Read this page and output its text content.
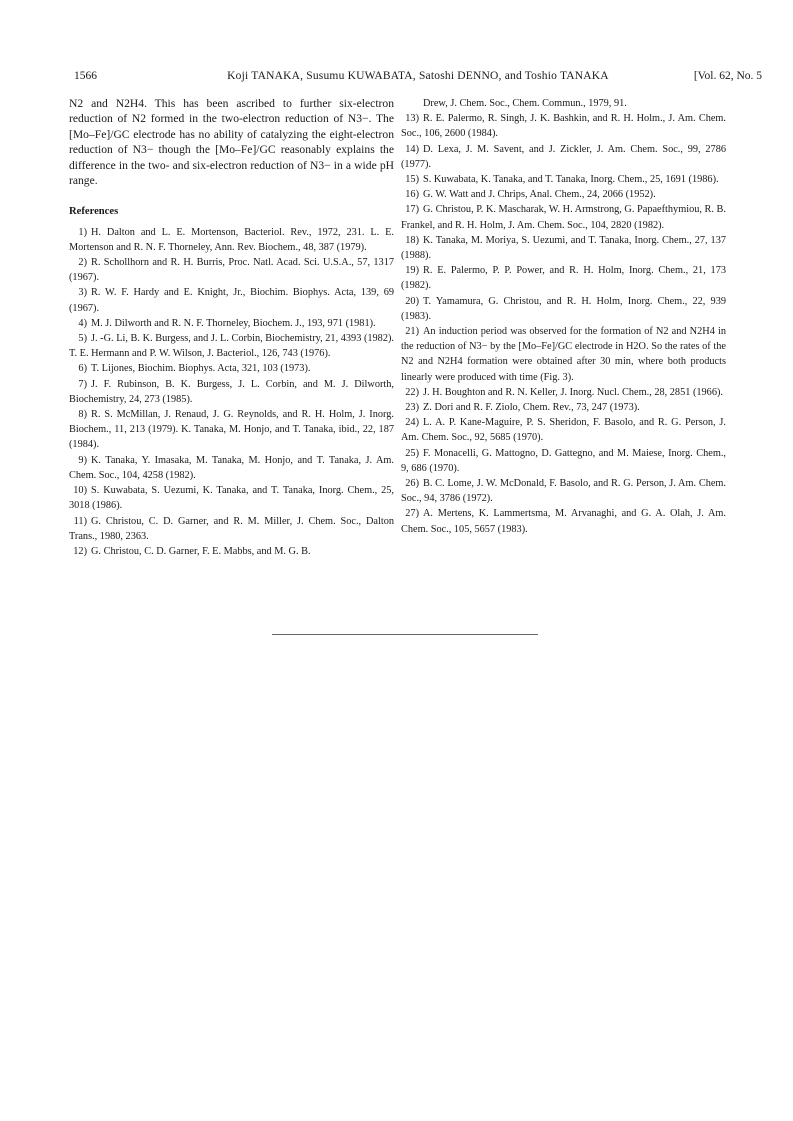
1566	Koji TANAKA, Susumu KUWABATA, Satoshi DENNO, and Toshio TANAKA	[Vol. 62, No. 5

N2 and N2H4. This has been ascribed to further six-electron reduction of N2 formed in the two-electron reduction of N3−. The [Mo–Fe]/GC electrode has no ability of catalyzing the eight-electron reduction of N3− though the [Mo–Fe]/GC reasonably explains the difference in the two- and six-electron reduction of N3− in a wide pH range.

References
1) H. Dalton and L. E. Mortenson, Bacteriol. Rev., 1972, 231. L. E. Mortenson and R. N. F. Thorneley, Ann. Rev. Biochem., 48, 387 (1979).
2) R. Schollhorn and R. H. Burris, Proc. Natl. Acad. Sci. U.S.A., 57, 1317 (1967).
3) R. W. F. Hardy and E. Knight, Jr., Biochim. Biophys. Acta, 139, 69 (1967).
4) M. J. Dilworth and R. N. F. Thorneley, Biochem. J., 193, 971 (1981).
5) J. -G. Li, B. K. Burgess, and J. L. Corbin, Biochemistry, 21, 4393 (1982). T. E. Hermann and P. W. Wilson, J. Bacteriol., 126, 743 (1976).
6) T. Lijones, Biochim. Biophys. Acta, 321, 103 (1973).
7) J. F. Rubinson, B. K. Burgess, J. L. Corbin, and M. J. Dilworth, Biochemistry, 24, 273 (1985).
8) R. S. McMillan, J. Renaud, J. G. Reynolds, and R. H. Holm, J. Inorg. Biochem., 11, 213 (1979). K. Tanaka, M. Honjo, and T. Tanaka, ibid., 22, 187 (1984).
9) K. Tanaka, Y. Imasaka, M. Tanaka, M. Honjo, and T. Tanaka, J. Am. Chem. Soc., 104, 4258 (1982).
10) S. Kuwabata, S. Uezumi, K. Tanaka, and T. Tanaka, Inorg. Chem., 25, 3018 (1986).
11) G. Christou, C. D. Garner, and R. M. Miller, J. Chem. Soc., Dalton Trans., 1980, 2363.
12) G. Christou, C. D. Garner, F. E. Mabbs, and M. G. B.
Drew, J. Chem. Soc., Chem. Commun., 1979, 91.
13) R. E. Palermo, R. Singh, J. K. Bashkin, and R. H. Holm., J. Am. Chem. Soc., 106, 2600 (1984).
14) D. Lexa, J. M. Savent, and J. Zickler, J. Am. Chem. Soc., 99, 2786 (1977).
15) S. Kuwabata, K. Tanaka, and T. Tanaka, Inorg. Chem., 25, 1691 (1986).
16) G. W. Watt and J. Chrips, Anal. Chem., 24, 2066 (1952).
17) G. Christou, P. K. Mascharak, W. H. Armstrong, G. Papaefthymiou, R. B. Frankel, and R. H. Holm, J. Am. Chem. Soc., 104, 2820 (1982).
18) K. Tanaka, M. Moriya, S. Uezumi, and T. Tanaka, Inorg. Chem., 27, 137 (1988).
19) R. E. Palermo, P. P. Power, and R. H. Holm, Inorg. Chem., 21, 173 (1982).
20) T. Yamamura, G. Christou, and R. H. Holm, Inorg. Chem., 22, 939 (1983).
21) An induction period was observed for the formation of N2 and N2H4 in the reduction of N3− by the [Mo–Fe]/GC electrode in H2O. So the rates of the N2 and N2H4 formation were obtained after 30 min, where both products linearly were produced with time (Fig. 3).
22) J. H. Boughton and R. N. Keller, J. Inorg. Nucl. Chem., 28, 2851 (1966).
23) Z. Dori and R. F. Ziolo, Chem. Rev., 73, 247 (1973).
24) L. A. P. Kane-Maguire, P. S. Sheridon, F. Basolo, and R. G. Person, J. Am. Chem. Soc., 92, 5685 (1970).
25) F. Monacelli, G. Mattogno, D. Gattegno, and M. Maiese, Inorg. Chem., 9, 686 (1970).
26) B. C. Lome, J. W. McDonald, F. Basolo, and R. G. Person, J. Am. Chem. Soc., 94, 3786 (1972).
27) A. Mertens, K. Lammertsma, M. Arvanaghi, and G. A. Olah, J. Am. Chem. Soc., 105, 5657 (1983).
